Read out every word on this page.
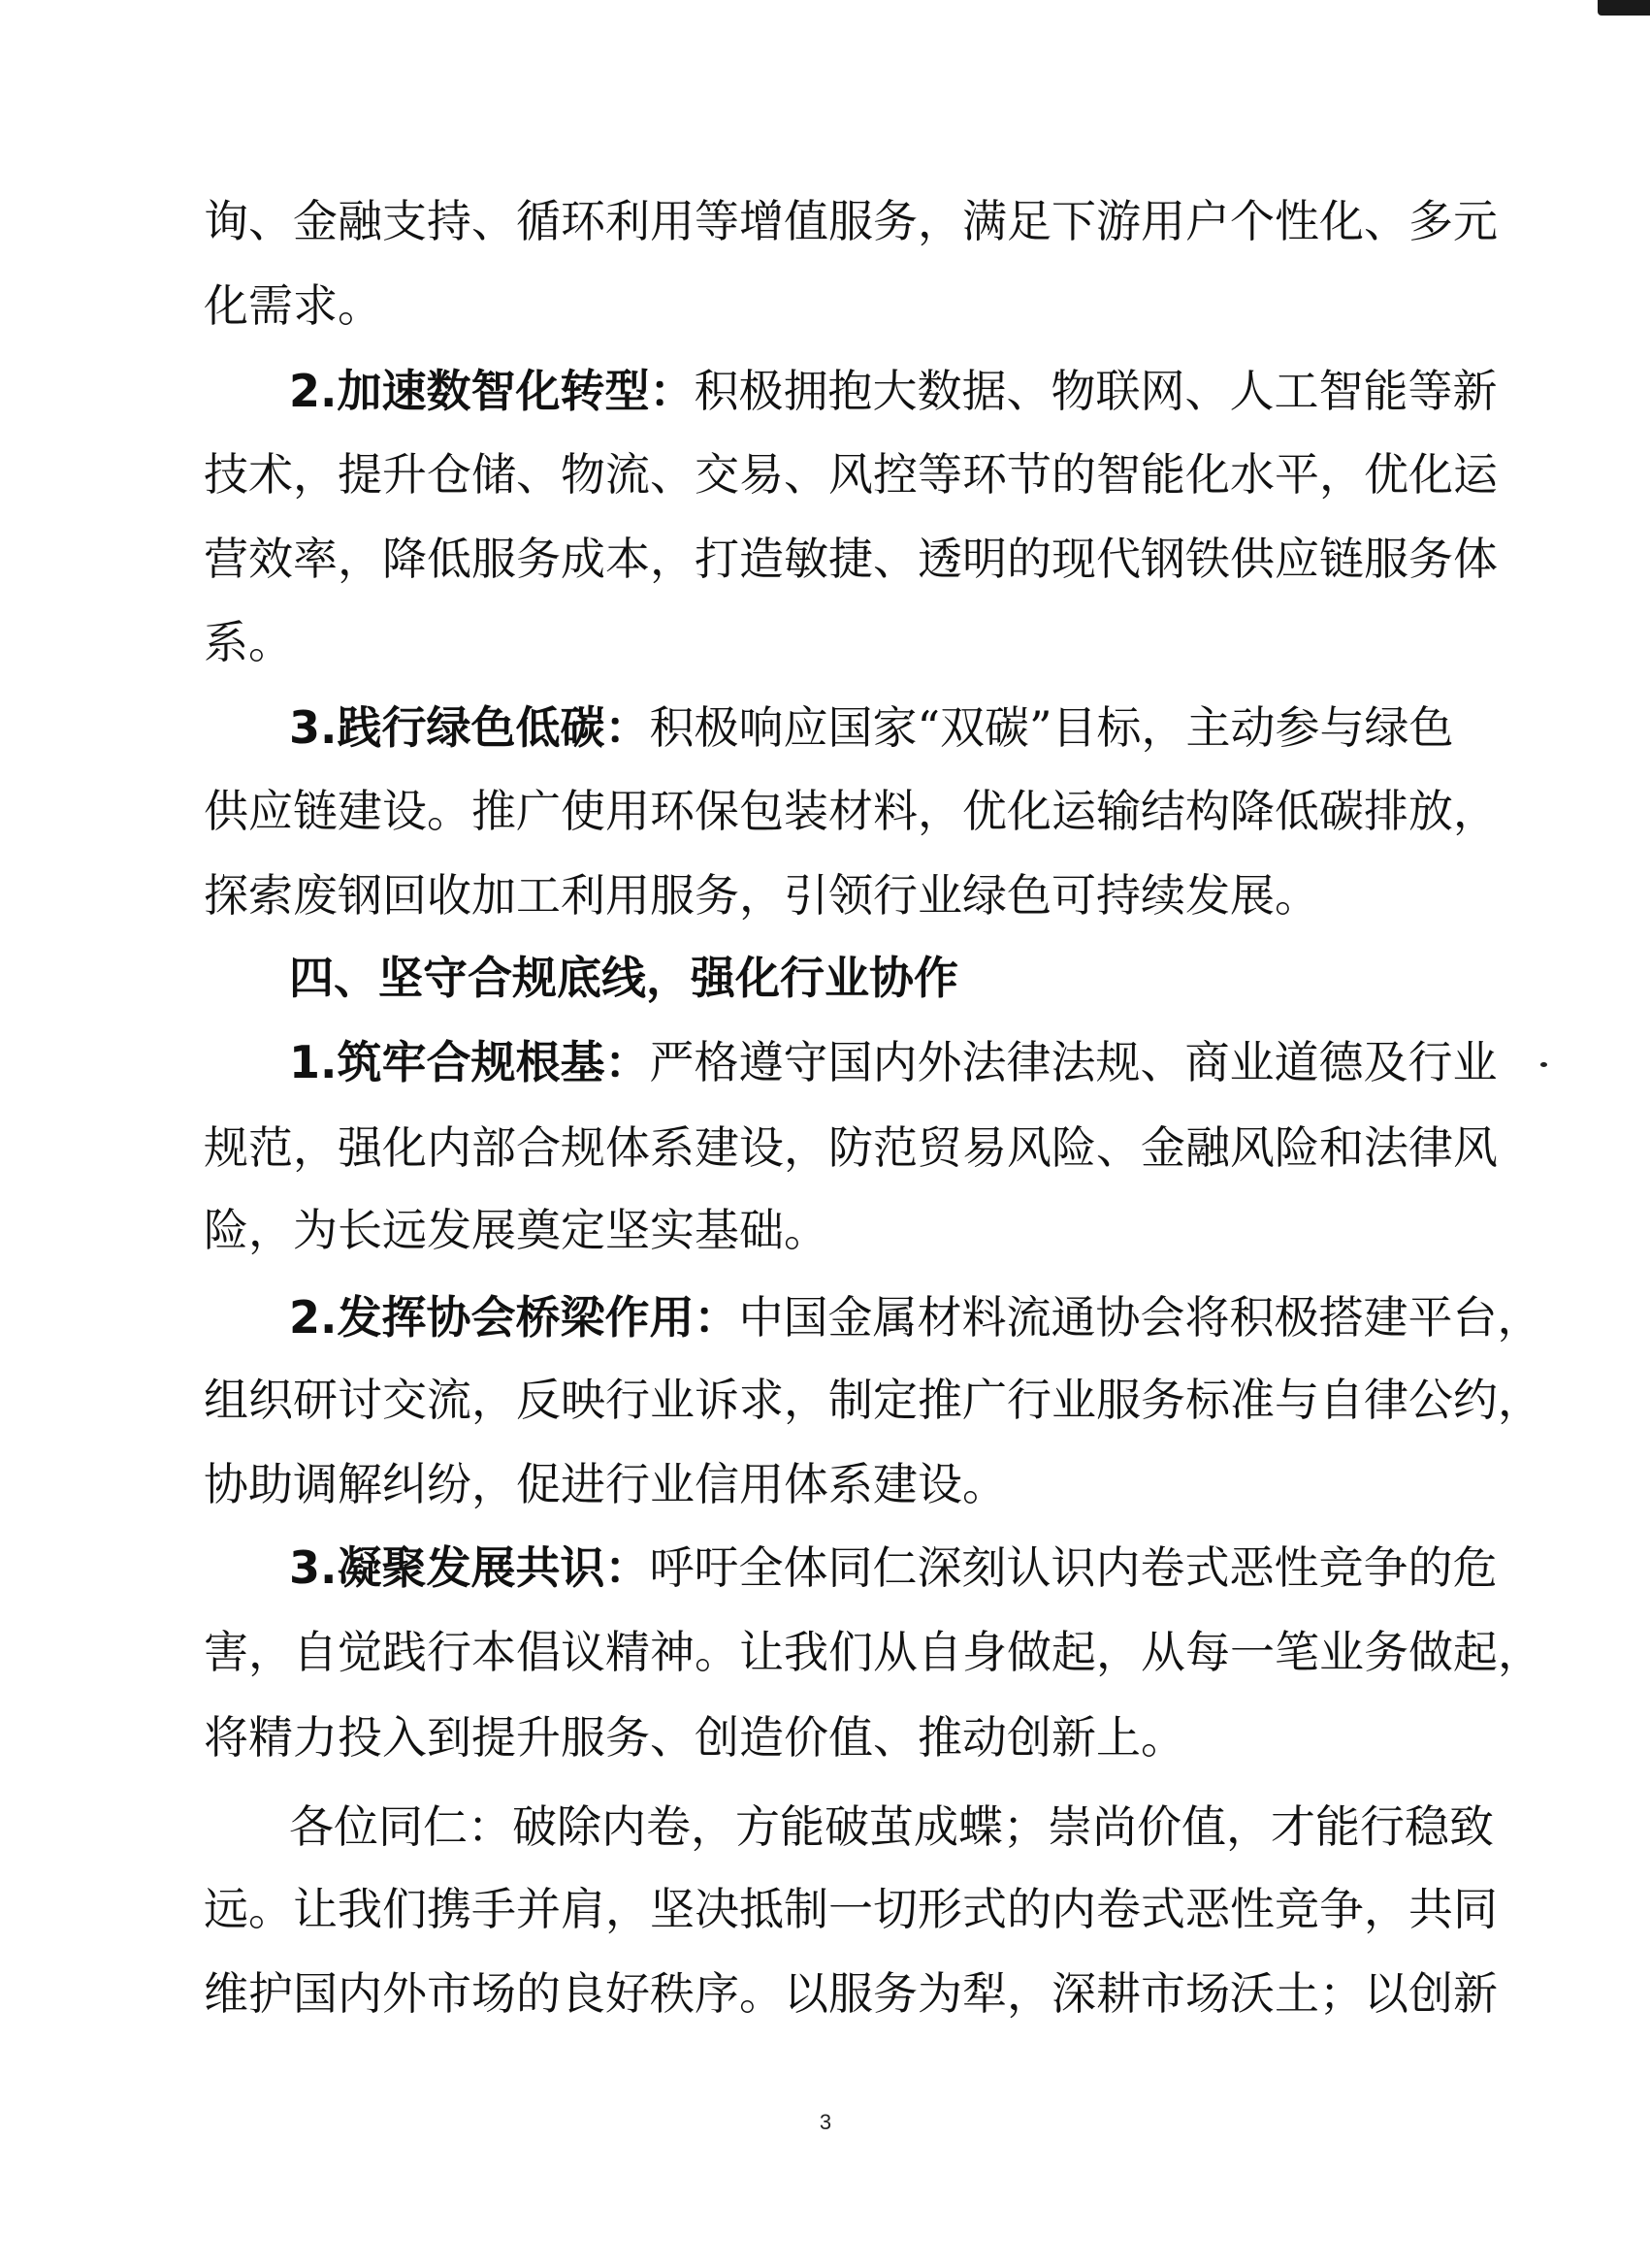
询、金融支持、循环利用等增值服务，满足下游用户个性化、多元
化需求。
2.加速数智化转型：积极拥抱大数据、物联网、人工智能等新
技术，提升仓储、物流、交易、风控等环节的智能化水平，优化运
营效率，降低服务成本，打造敏捷、透明的现代钢铁供应链服务体
系。
3.践行绿色低碳：积极响应国家“双碳”目标，主动参与绿色
供应链建设。推广使用环保包装材料，优化运输结构降低碳排放，
探索废钢回收加工利用服务，引领行业绿色可持续发展。
四、坚守合规底线，强化行业协作
1.筑牢合规根基：严格遵守国内外法律法规、商业道德及行业
规范，强化内部合规体系建设，防范贸易风险、金融风险和法律风
险，为长远发展奠定坚实基础。
2.发挥协会桥梁作用：中国金属材料流通协会将积极搭建平台，
组织研讨交流，反映行业诉求，制定推广行业服务标准与自律公约，
协助调解纠纷，促进行业信用体系建设。
3.凝聚发展共识：呼吁全体同仁深刻认识内卷式恶性竞争的危
害，自觉践行本倡议精神。让我们从自身做起，从每一笔业务做起，
将精力投入到提升服务、创造价值、推动创新上。
各位同仁：破除内卷，方能破茧成蝶；崇尚价值，才能行稳致
远。让我们携手并肩，坚决抵制一切形式的内卷式恶性竞争，共同
维护国内外市场的良好秩序。以服务为犁，深耕市场沃土；以创新
3
